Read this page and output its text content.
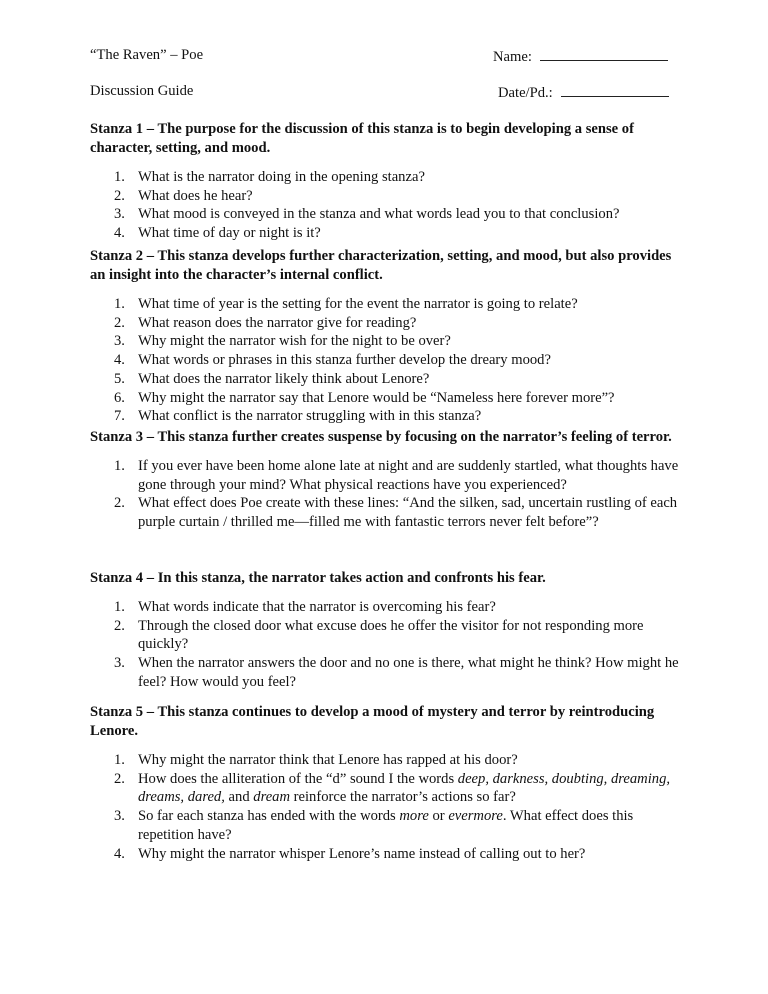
“The Raven” – Poe	Name:
Discussion Guide	Date/Pd.:
Stanza 1 – The purpose for the discussion of this stanza is to begin developing a sense of character, setting, and mood.
1. What is the narrator doing in the opening stanza?
2. What does he hear?
3. What mood is conveyed in the stanza and what words lead you to that conclusion?
4. What time of day or night is it?
Stanza 2 – This stanza develops further characterization, setting, and mood, but also provides an insight into the character’s internal conflict.
1. What time of year is the setting for the event the narrator is going to relate?
2. What reason does the narrator give for reading?
3. Why might the narrator wish for the night to be over?
4. What words or phrases in this stanza further develop the dreary mood?
5. What does the narrator likely think about Lenore?
6. Why might the narrator say that Lenore would be “Nameless here forever more”?
7. What conflict is the narrator struggling with in this stanza?
Stanza 3 – This stanza further creates suspense by focusing on the narrator’s feeling of terror.
1. If you ever have been home alone late at night and are suddenly startled, what thoughts have gone through your mind? What physical reactions have you experienced?
2. What effect does Poe create with these lines: “And the silken, sad, uncertain rustling of each purple curtain / thrilled me—filled me with fantastic terrors never felt before”?
Stanza 4 – In this stanza, the narrator takes action and confronts his fear.
1. What words indicate that the narrator is overcoming his fear?
2. Through the closed door what excuse does he offer the visitor for not responding more quickly?
3. When the narrator answers the door and no one is there, what might he think? How might he feel? How would you feel?
Stanza 5 – This stanza continues to develop a mood of mystery and terror by reintroducing Lenore.
1. Why might the narrator think that Lenore has rapped at his door?
2. How does the alliteration of the “d” sound I the words deep, darkness, doubting, dreaming, dreams, dared, and dream reinforce the narrator’s actions so far?
3. So far each stanza has ended with the words more or evermore. What effect does this repetition have?
4. Why might the narrator whisper Lenore’s name instead of calling out to her?
